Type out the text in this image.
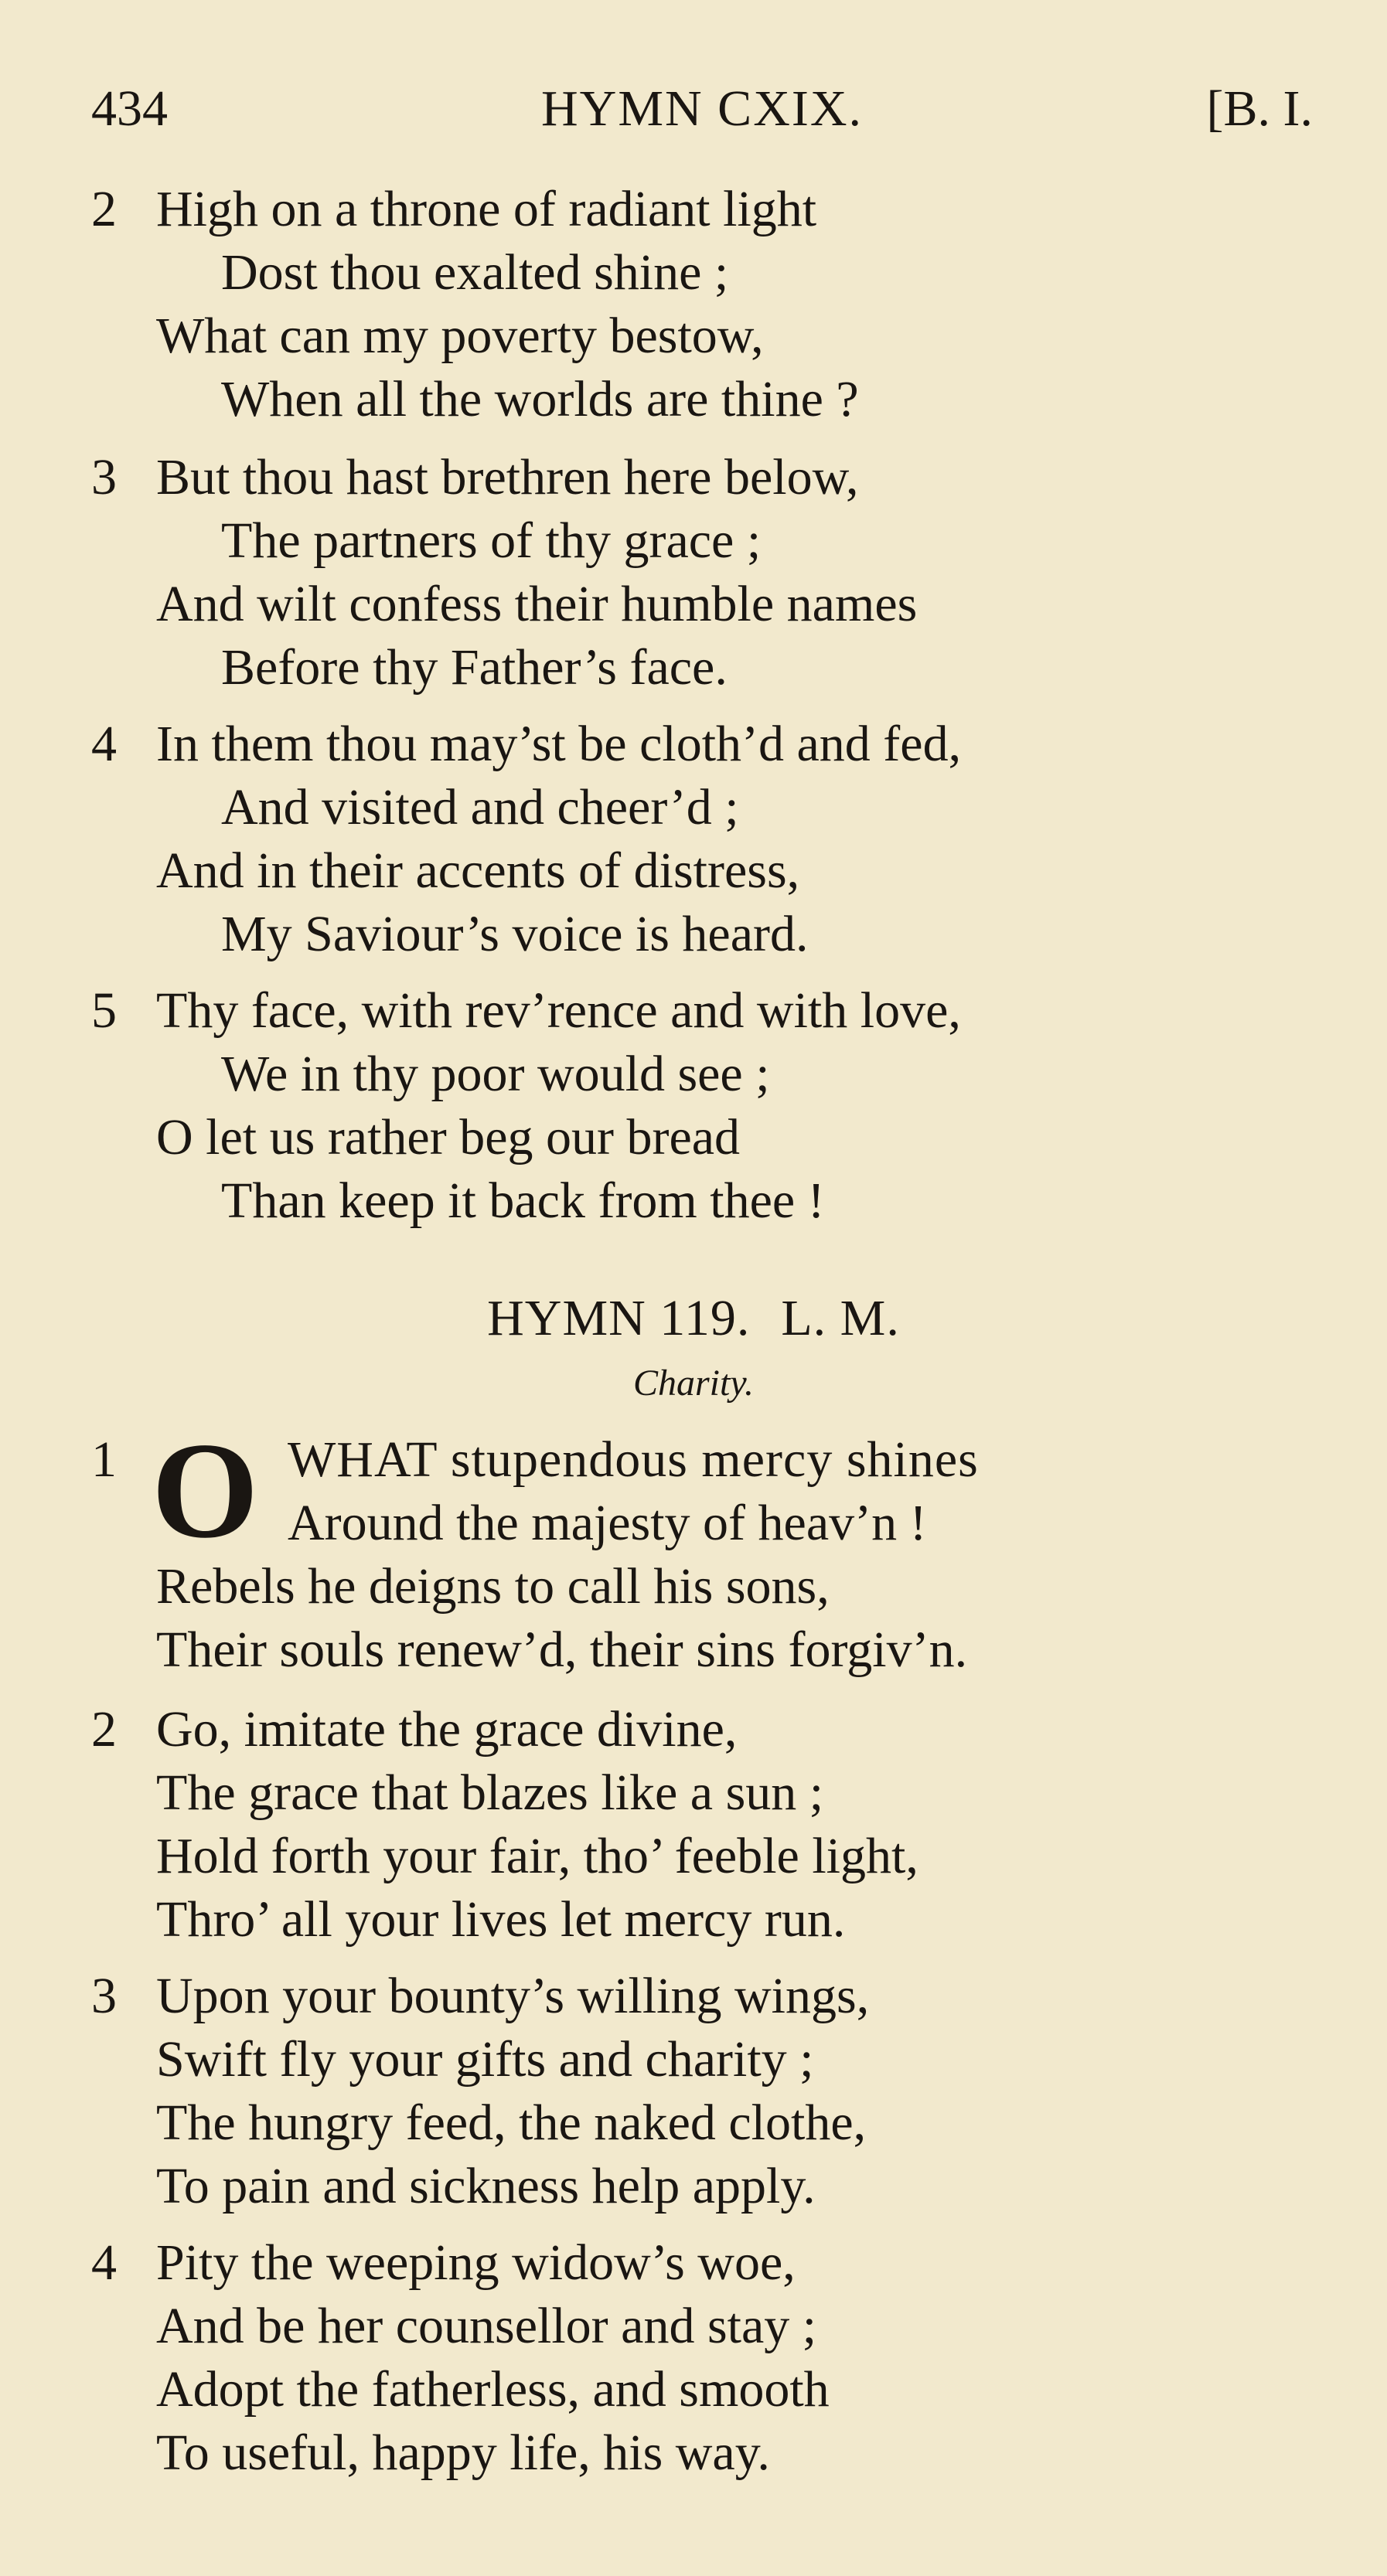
434	HYMN CXIX.	[B. I.
2 High on a throne of radiant light
Dost thou exalted shine ;
What can my poverty bestow,
When all the worlds are thine ?
3 But thou hast brethren here below,
The partners of thy grace ;
And wilt confess their humble names
Before thy Father’s face.
4 In them thou may’st be cloth’d and fed,
And visited and cheer’d ;
And in their accents of distress,
My Saviour’s voice is heard.
5 Thy face, with rev’rence and with love,
We in thy poor would see ;
O let us rather beg our bread
Than keep it back from thee !
HYMN 119. L. M.
Charity.
O
1	WHAT stupendous mercy shines
Around the majesty of heav’n !
Rebels he deigns to call his sons,
Their souls renew’d, their sins forgiv’n.
2 Go, imitate the grace divine,
The grace that blazes like a sun ;
Hold forth your fair, tho’ feeble light,
Thro’ all your lives let mercy run.
3 Upon your bounty’s willing wings,
Swift fly your gifts and charity ;
The hungry feed, the naked clothe,
To pain and sickness help apply.
4 Pity the weeping widow’s woe,
And be her counsellor and stay ;
Adopt the fatherless, and smooth
To useful, happy life, his way.
